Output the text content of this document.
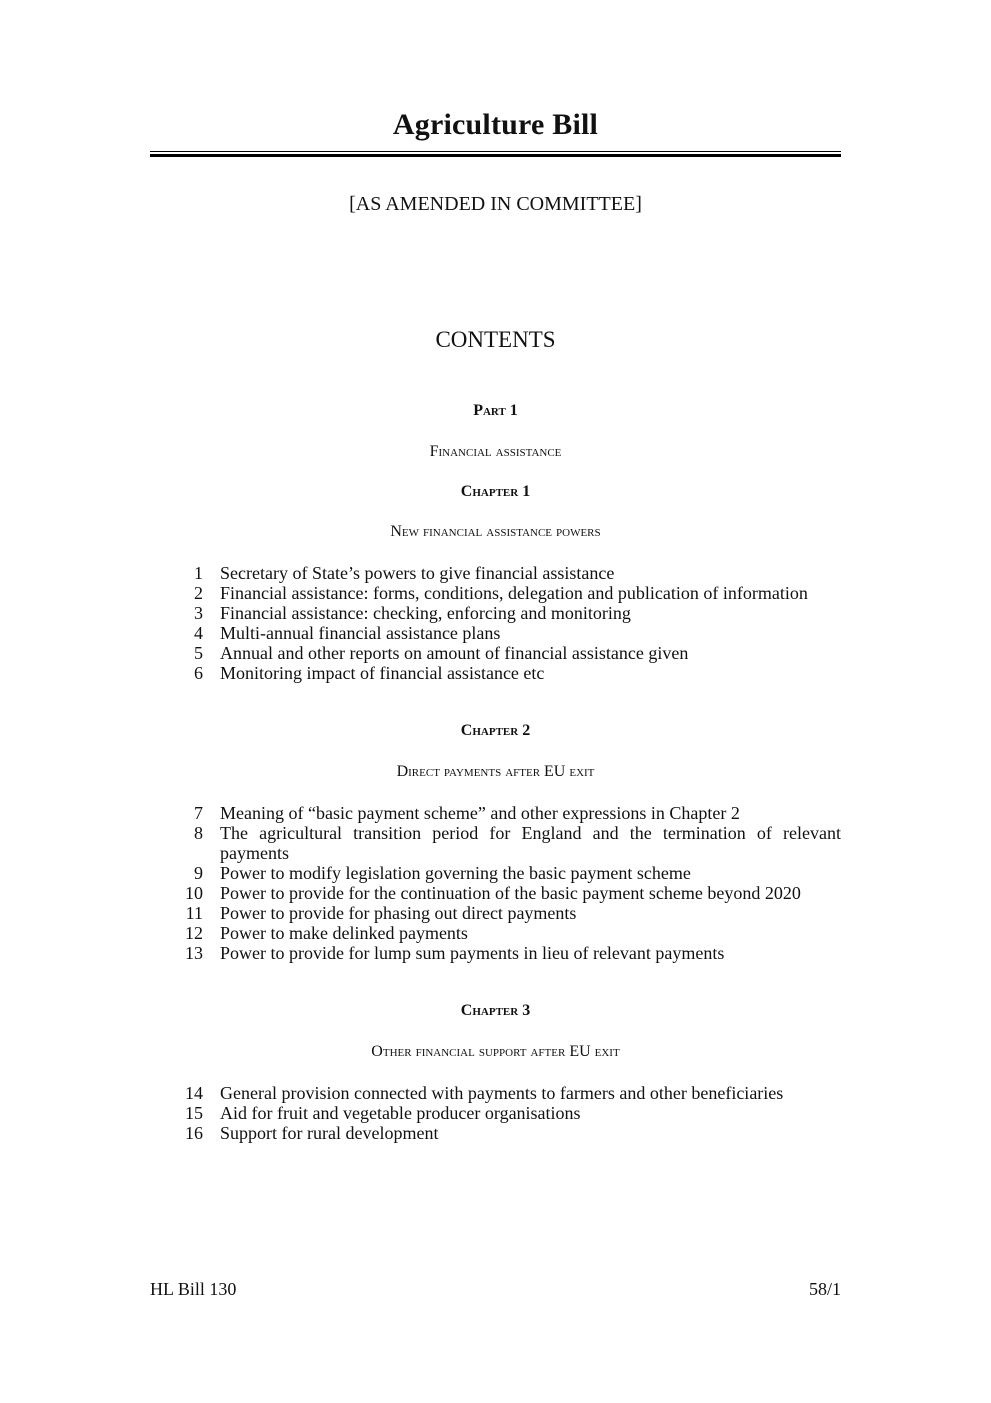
Agriculture Bill
[AS AMENDED IN COMMITTEE]
CONTENTS
Part 1
Financial assistance
Chapter 1
New financial assistance powers
1 Secretary of State’s powers to give financial assistance
2 Financial assistance: forms, conditions, delegation and publication of information
3 Financial assistance: checking, enforcing and monitoring
4 Multi-annual financial assistance plans
5 Annual and other reports on amount of financial assistance given
6 Monitoring impact of financial assistance etc
Chapter 2
Direct payments after EU exit
7 Meaning of “basic payment scheme” and other expressions in Chapter 2
8 The agricultural transition period for England and the termination of relevant payments
9 Power to modify legislation governing the basic payment scheme
10 Power to provide for the continuation of the basic payment scheme beyond 2020
11 Power to provide for phasing out direct payments
12 Power to make delinked payments
13 Power to provide for lump sum payments in lieu of relevant payments
Chapter 3
Other financial support after EU exit
14 General provision connected with payments to farmers and other beneficiaries
15 Aid for fruit and vegetable producer organisations
16 Support for rural development
HL Bill 130	58/1
